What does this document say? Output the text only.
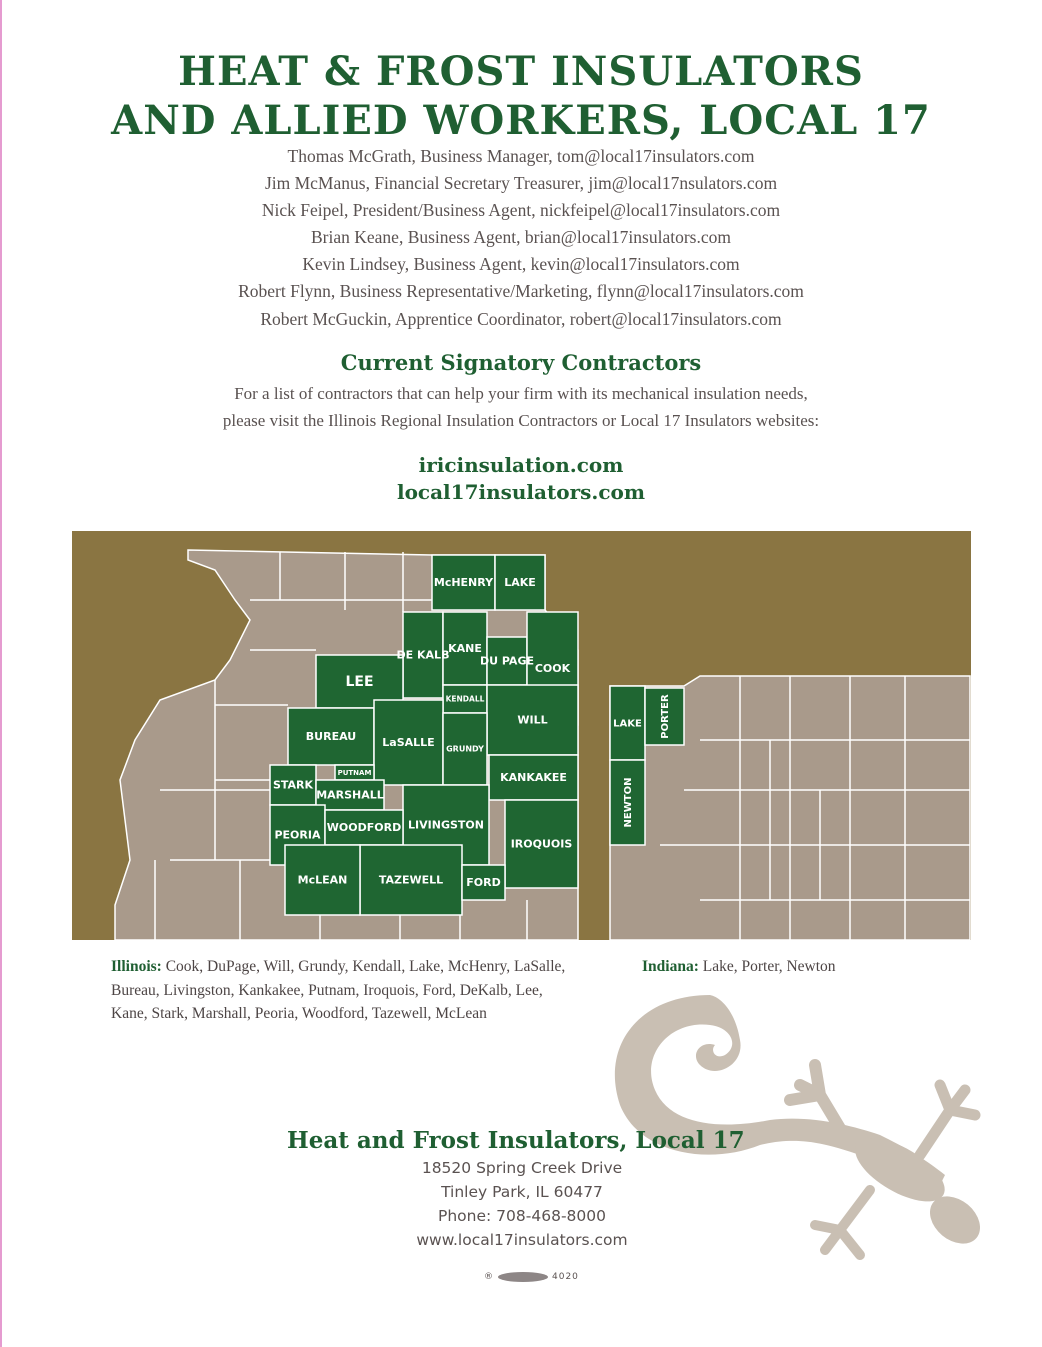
HEAT & FROST INSULATORS
AND ALLIED WORKERS, LOCAL 17
Thomas McGrath, Business Manager, tom@local17insulators.com
Jim McManus, Financial Secretary Treasurer, jim@local17nsulators.com
Nick Feipel, President/Business Agent, nickfeipel@local17insulators.com
Brian Keane, Business Agent, brian@local17insulators.com
Kevin Lindsey, Business Agent, kevin@local17insulators.com
Robert Flynn, Business Representative/Marketing, flynn@local17insulators.com
Robert McGuckin, Apprentice Coordinator, robert@local17insulators.com
Current Signatory Contractors
For a list of contractors that can help your firm with its mechanical insulation needs,
please visit the Illinois Regional Insulation Contractors or Local 17 Insulators websites:
iricinsulation.com
local17insulators.com
McHENRY LAKE
DE KALB
KANE
DU PAGE
COOK
LEE
KENDALL
WILL
BUREAU LaSALLE GRUNDY
PUTNAM	KANKAKEE
STARK
MARSHALL
LIVINGSTON
IROQUOIS
PEORIA
WOODFORD
TAZEWELL
McLEAN	FORD
LAKE PORTER
NEWTON
Illinois: Cook, DuPage, Will, Grundy, Kendall, Lake, McHenry, LaSalle, Bureau, Livingston, Kankakee, Putnam, Iroquois, Ford, DeKalb, Lee, Kane, Stark, Marshall, Peoria, Woodford, Tazewell, McLean
Indiana: Lake, Porter, Newton
Heat and Frost Insulators, Local 17
18520 Spring Creek Drive
Tinley Park, IL 60477
Phone: 708-468-8000
www.local17insulators.com
®	4020
